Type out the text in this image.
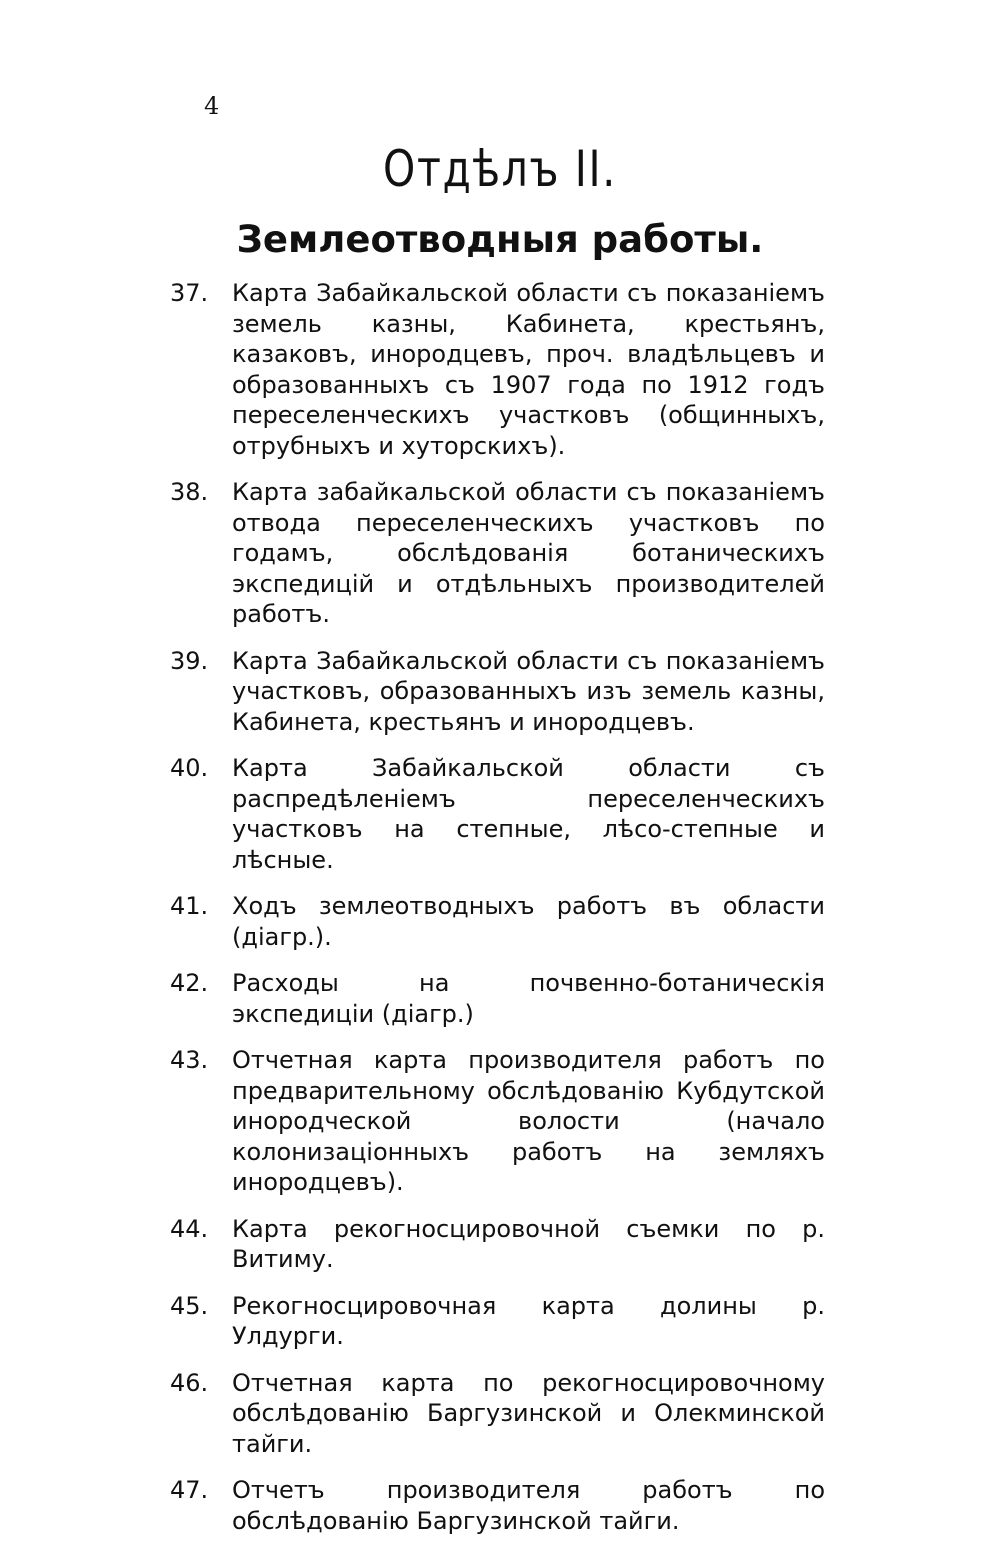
4
Отдѣлъ II.
Землеотводныя работы.
37. Карта Забайкальской области съ показаніемъ земель казны, Кабинета, крестьянъ, казаковъ, инородцевъ, проч. владѣльцевъ и образованныхъ съ 1907 года по 1912 годъ переселенческихъ участковъ (общинныхъ, отрубныхъ и хуторскихъ).
38. Карта забайкальской области съ показаніемъ отвода переселенческихъ участковъ по годамъ, обслѣдованія ботаническихъ экспедицій и отдѣльныхъ производителей работъ.
39. Карта Забайкальской области съ показаніемъ участковъ, образованныхъ изъ земель казны, Кабинета, крестьянъ и инородцевъ.
40. Карта Забайкальской области съ распредѣленіемъ переселенческихъ участковъ на степные, лѣсо-степные и лѣсные.
41. Ходъ землеотводныхъ работъ въ области (діагр.).
42. Расходы на почвенно-ботаническія экспедиціи (діагр.)
43. Отчетная карта производителя работъ по предварительному обслѣдованію Кубдутской инородческой волости (начало колонизаціонныхъ работъ на земляхъ инородцевъ).
44. Карта рекогносцировочной съемки по р. Витиму.
45. Рекогносцировочная карта долины р. Улдурги.
46. Отчетная карта по рекогносцировочному обслѣдованію Баргузинской и Олекминской тайги.
47. Отчетъ производителя работъ по обслѣдованію Баргузинской тайги.
